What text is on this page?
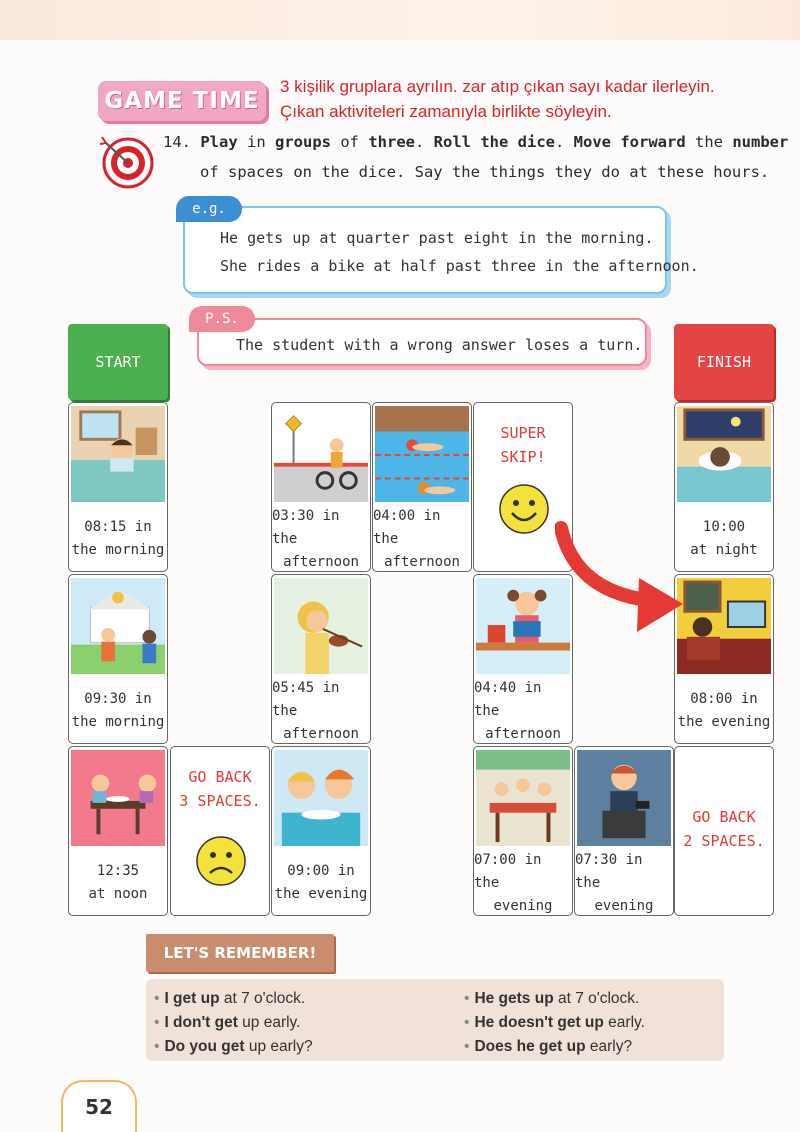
GAME TIME
3 kişilik gruplara ayrılın. zar atıp çıkan sayı kadar ilerleyin.
Çıkan aktiviteleri zamanıyla birlikte söyleyin.
14. Play in groups of three. Roll the dice. Move forward the number
of spaces on the dice. Say the things they do at these hours.
e.g.
He gets up at quarter past eight in the morning.
She rides a bike at half past three in the afternoon.
P.S.
The student with a wrong answer loses a turn.
START	FINISH
08:15 in
the morning
09:30 in
the morning
12:35
at noon
GO BACK
3 SPACES.
03:30 in the
afternoon
05:45 in the
afternoon
09:00 in
the evening
04:00 in the
afternoon
SUPER
SKIP!
04:40 in the
afternoon
07:00 in the
evening
07:30 in the
evening
10:00
at night
08:00 in
the evening
GO BACK
2 SPACES.
LET'S REMEMBER!
• I get up at 7 o'clock.
• I don't get up early.
• Do you get up early?
• He gets up at 7 o'clock.
• He doesn't get up early.
• Does he get up early?
52
